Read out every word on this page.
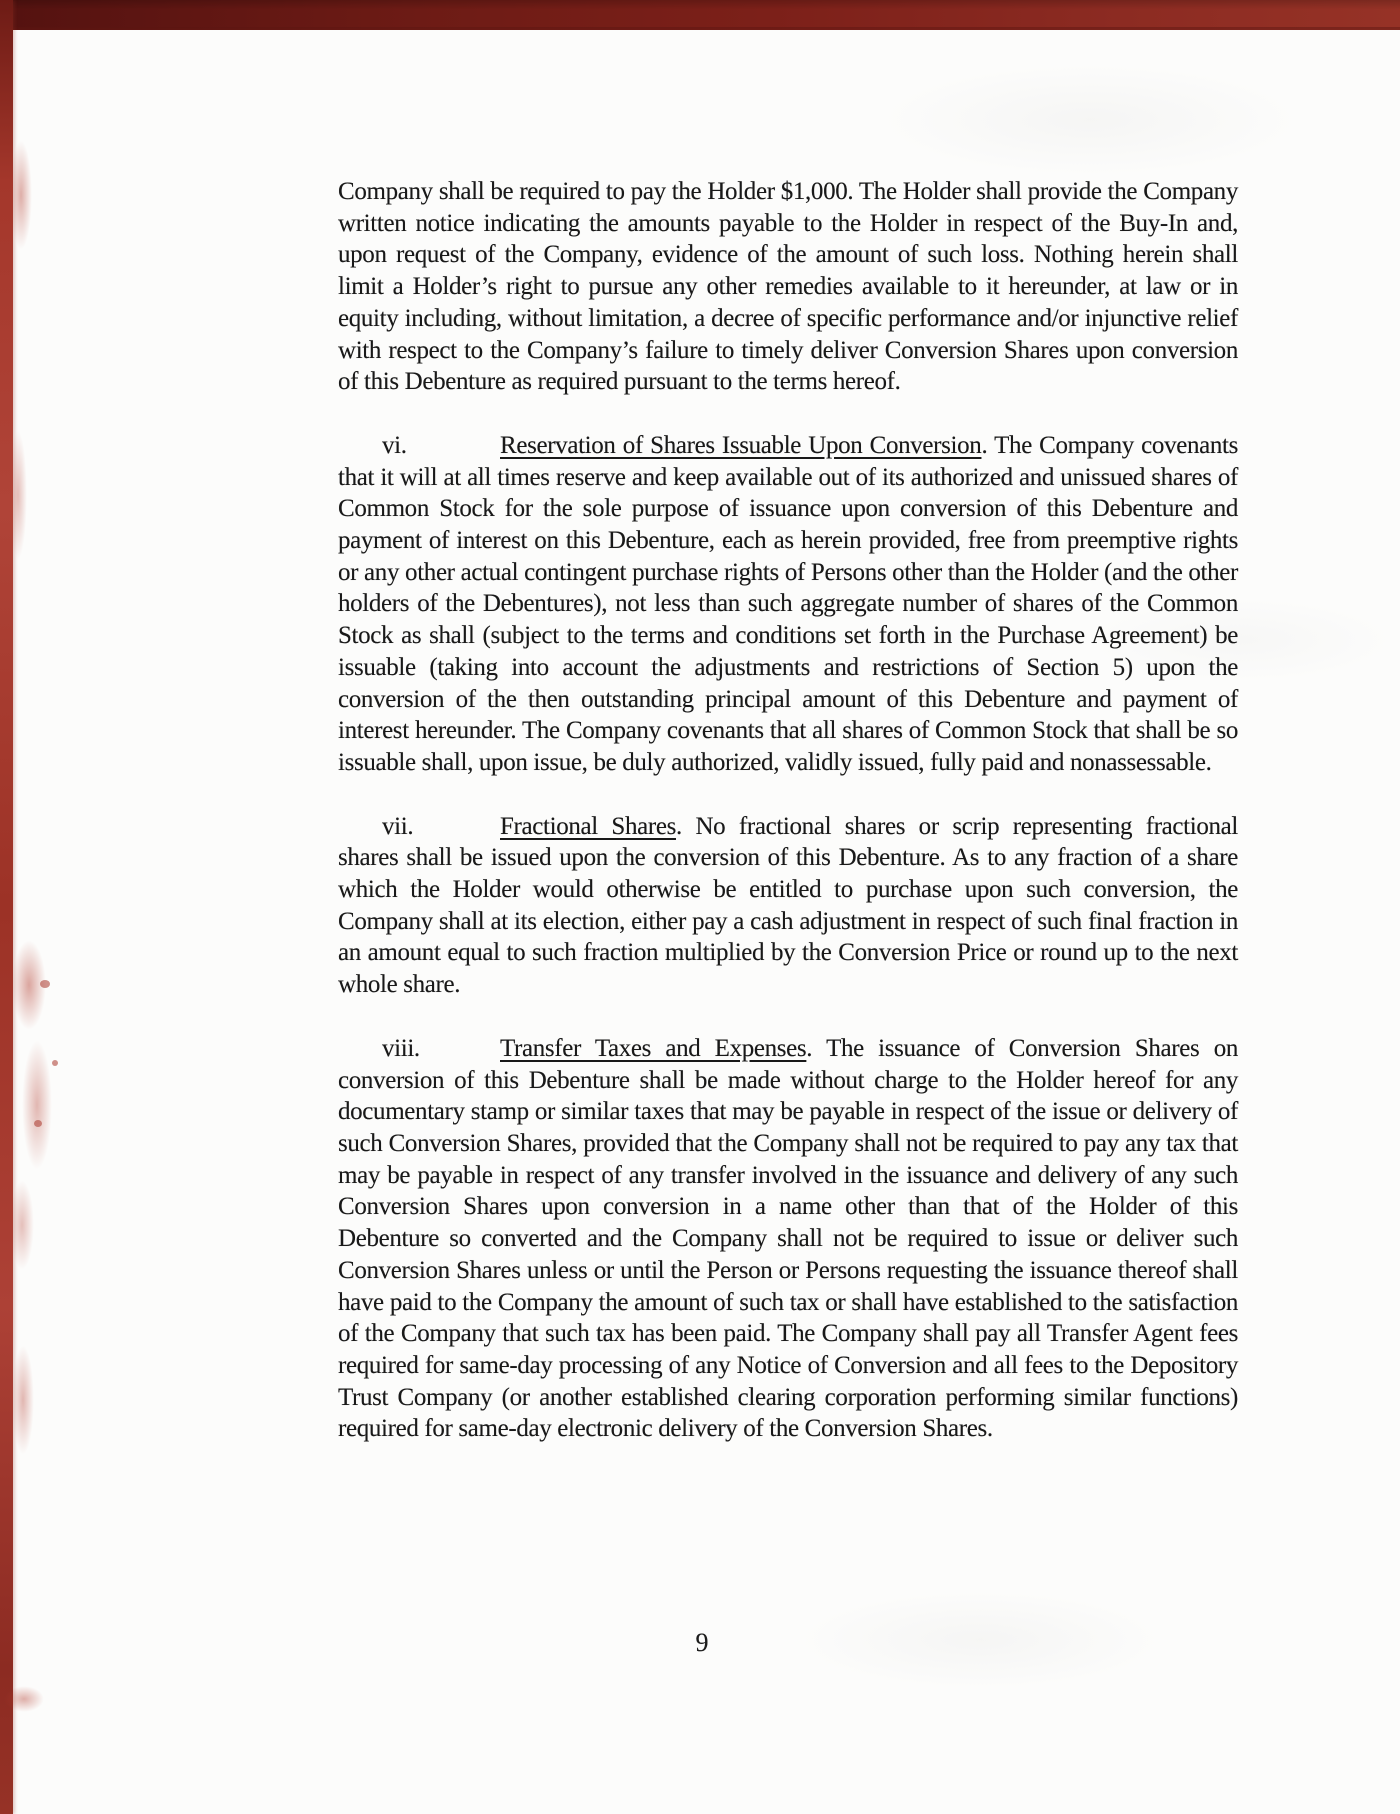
Company shall be required to pay the Holder $1,000. The Holder shall provide the Company written notice indicating the amounts payable to the Holder in respect of the Buy-In and, upon request of the Company, evidence of the amount of such loss. Nothing herein shall limit a Holder’s right to pursue any other remedies available to it hereunder, at law or in equity including, without limitation, a decree of specific performance and/or injunctive relief with respect to the Company’s failure to timely deliver Conversion Shares upon conversion of this Debenture as required pursuant to the terms hereof.

vi.	Reservation of Shares Issuable Upon Conversion. The Company covenants that it will at all times reserve and keep available out of its authorized and unissued shares of Common Stock for the sole purpose of issuance upon conversion of this Debenture and payment of interest on this Debenture, each as herein provided, free from preemptive rights or any other actual contingent purchase rights of Persons other than the Holder (and the other holders of the Debentures), not less than such aggregate number of shares of the Common Stock as shall (subject to the terms and conditions set forth in the Purchase Agreement) be issuable (taking into account the adjustments and restrictions of Section 5) upon the conversion of the then outstanding principal amount of this Debenture and payment of interest hereunder. The Company covenants that all shares of Common Stock that shall be so issuable shall, upon issue, be duly authorized, validly issued, fully paid and nonassessable.

vii.	Fractional Shares. No fractional shares or scrip representing fractional shares shall be issued upon the conversion of this Debenture. As to any fraction of a share which the Holder would otherwise be entitled to purchase upon such conversion, the Company shall at its election, either pay a cash adjustment in respect of such final fraction in an amount equal to such fraction multiplied by the Conversion Price or round up to the next whole share.

viii.	Transfer Taxes and Expenses. The issuance of Conversion Shares on conversion of this Debenture shall be made without charge to the Holder hereof for any documentary stamp or similar taxes that may be payable in respect of the issue or delivery of such Conversion Shares, provided that the Company shall not be required to pay any tax that may be payable in respect of any transfer involved in the issuance and delivery of any such Conversion Shares upon conversion in a name other than that of the Holder of this Debenture so converted and the Company shall not be required to issue or deliver such Conversion Shares unless or until the Person or Persons requesting the issuance thereof shall have paid to the Company the amount of such tax or shall have established to the satisfaction of the Company that such tax has been paid. The Company shall pay all Transfer Agent fees required for same-day processing of any Notice of Conversion and all fees to the Depository Trust Company (or another established clearing corporation performing similar functions) required for same-day electronic delivery of the Conversion Shares.

9
